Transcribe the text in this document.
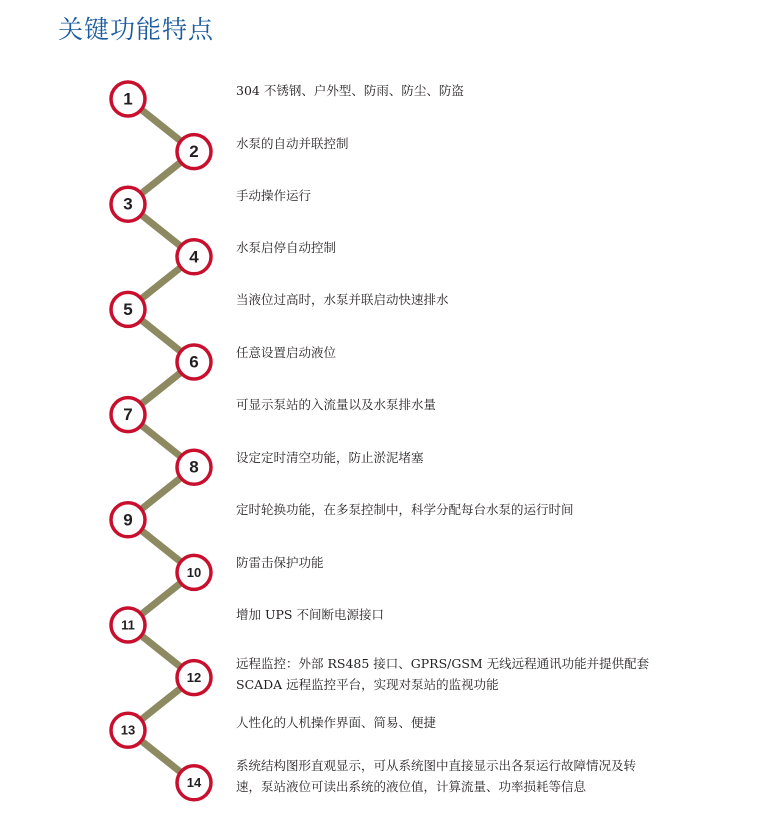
关键功能特点
1
2
3
4
5
6
7
8
9
10
11
12
13
14
304 不锈钢、户外型、防雨、防尘、防盗
水泵的自动并联控制
手动操作运行
水泵启停自动控制
当液位过高时，水泵并联启动快速排水
任意设置启动液位
可显示泵站的入流量以及水泵排水量
设定定时清空功能，防止淤泥堵塞
定时轮换功能，在多泵控制中，科学分配每台水泵的运行时间
防雷击保护功能
增加 UPS 不间断电源接口
远程监控：外部 RS485 接口、GPRS/GSM 无线远程通讯功能并提供配套
SCADA 远程监控平台，实现对泵站的监视功能
人性化的人机操作界面、简易、便捷
系统结构图形直观显示，可从系统图中直接显示出各泵运行故障情况及转
速，泵站液位可读出系统的液位值，计算流量、功率损耗等信息
